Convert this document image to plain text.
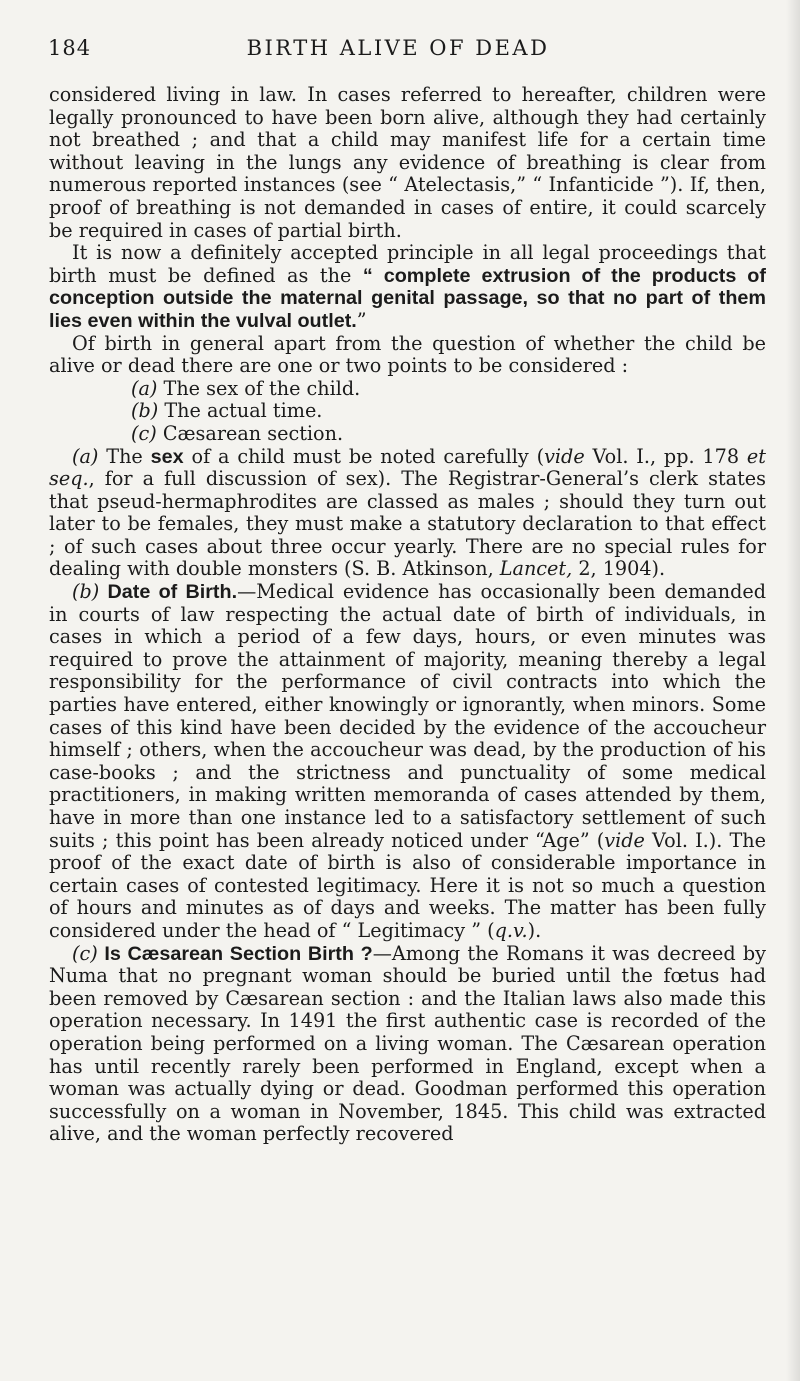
184	BIRTH ALIVE OF DEAD

considered living in law. In cases referred to hereafter, children were legally pronounced to have been born alive, although they had certainly not breathed ; and that a child may manifest life for a certain time without leaving in the lungs any evidence of breathing is clear from numerous reported instances (see “ Atelectasis,” “ Infanticide ”). If, then, proof of breathing is not demanded in cases of entire, it could scarcely be required in cases of partial birth.

It is now a definitely accepted principle in all legal proceedings that birth must be defined as the “ complete extrusion of the products of conception outside the maternal genital passage, so that no part of them lies even within the vulval outlet.”

Of birth in general apart from the question of whether the child be alive or dead there are one or two points to be considered :

(a) The sex of the child.

(b) The actual time.

(c) Cæsarean section.

(a) The sex of a child must be noted carefully (vide Vol. I., pp. 178 et seq., for a full discussion of sex). The Registrar-General’s clerk states that pseud-hermaphrodites are classed as males ; should they turn out later to be females, they must make a statutory declaration to that effect ; of such cases about three occur yearly. There are no special rules for dealing with double monsters (S. B. Atkinson, Lancet, 2, 1904).

(b) Date of Birth.—Medical evidence has occasionally been demanded in courts of law respecting the actual date of birth of individuals, in cases in which a period of a few days, hours, or even minutes was required to prove the attainment of majority, meaning thereby a legal responsibility for the performance of civil contracts into which the parties have entered, either knowingly or ignorantly, when minors. Some cases of this kind have been decided by the evidence of the accoucheur himself ; others, when the accoucheur was dead, by the production of his case-books ; and the strictness and punctuality of some medical practitioners, in making written memoranda of cases attended by them, have in more than one instance led to a satisfactory settlement of such suits ; this point has been already noticed under “Age” (vide Vol. I.). The proof of the exact date of birth is also of considerable importance in certain cases of contested legitimacy. Here it is not so much a question of hours and minutes as of days and weeks. The matter has been fully considered under the head of “ Legitimacy ” (q.v.).

(c) Is Cæsarean Section Birth ?—Among the Romans it was decreed by Numa that no pregnant woman should be buried until the fœtus had been removed by Cæsarean section : and the Italian laws also made this operation necessary. In 1491 the first authentic case is recorded of the operation being performed on a living woman. The Cæsarean operation has until recently rarely been performed in England, except when a woman was actually dying or dead. Goodman performed this operation successfully on a woman in November, 1845. This child was extracted alive, and the woman perfectly recovered
